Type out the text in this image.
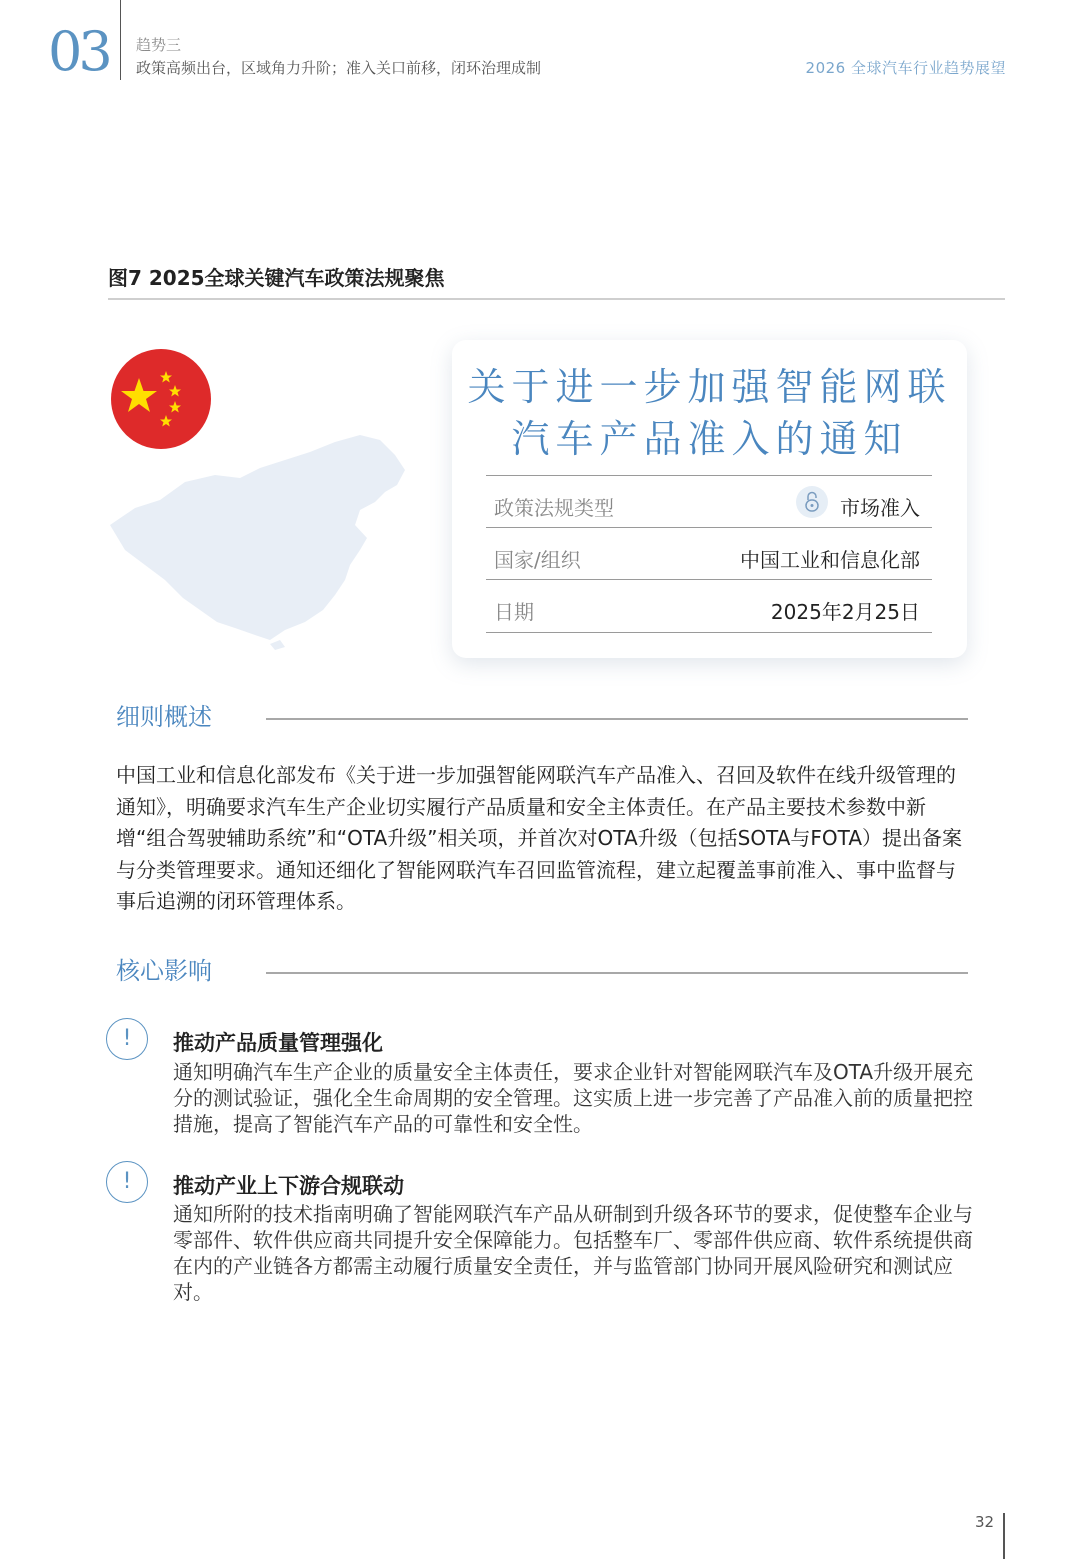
03 趋势三
政策高频出台，区域角力升阶；准入关口前移，闭环治理成制	2026 全球汽车行业趋势展望
图7 2025全球关键汽车政策法规聚焦
关于进一步加强智能网联
汽车产品准入的通知
政策法规类型	市场准入
国家/组织	中国工业和信息化部
日期	2025年2月25日
细则概述
中国工业和信息化部发布《关于进一步加强智能网联汽车产品准入、召回及软件在线升级管理的通知》，明确要求汽车生产企业切实履行产品质量和安全主体责任。在产品主要技术参数中新增“组合驾驶辅助系统”和“OTA升级”相关项，并首次对OTA升级（包括SOTA与FOTA）提出备案与分类管理要求。通知还细化了智能网联汽车召回监管流程，建立起覆盖事前准入、事中监督与事后追溯的闭环管理体系。
核心影响
!	推动产品质量管理强化
通知明确汽车生产企业的质量安全主体责任，要求企业针对智能网联汽车及OTA升级开展充分的测试验证，强化全生命周期的安全管理。这实质上进一步完善了产品准入前的质量把控措施，提高了智能汽车产品的可靠性和安全性。
!	推动产业上下游合规联动
通知所附的技术指南明确了智能网联汽车产品从研制到升级各环节的要求，促使整车企业与零部件、软件供应商共同提升安全保障能力。包括整车厂、零部件供应商、软件系统提供商在内的产业链各方都需主动履行质量安全责任，并与监管部门协同开展风险研究和测试应对。
32
